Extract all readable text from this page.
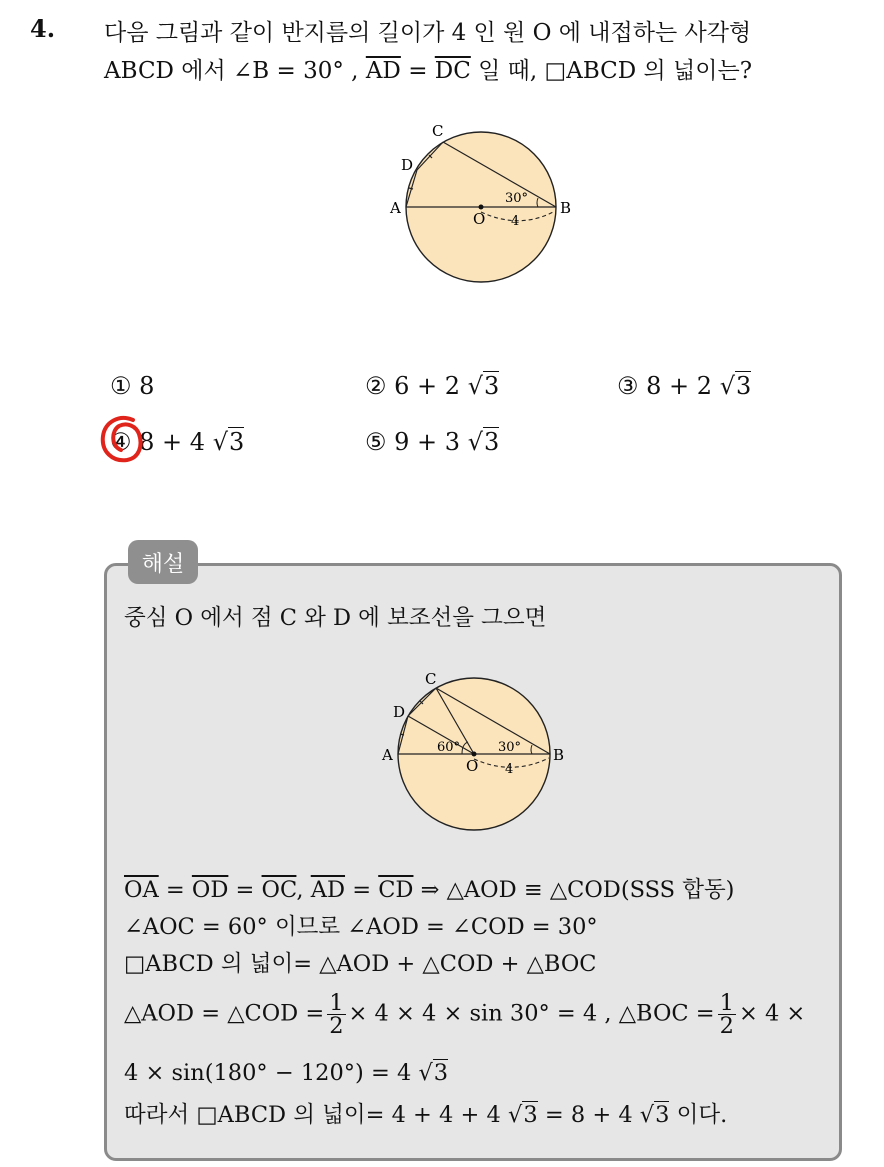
4. 다음 그림과 같이 반지름의 길이가 4 인 원 O 에 내접하는 사각형
ABCD 에서 ∠B = 30° , $\overline{AD} = \overline{DC}$ 일 때, □ABCD 의 넓이는?
A	B
C
D
O
30°
4
① 8	② 6 + 2 √3	③ 8 + 2 √3
④ 8 + 4 √3	⑤ 9 + 3 √3
해설
중심 O 에서 점 C 와 D 에 보조선을 그으면
A	B
C
D
O
60°	30°
4
$\overline{OA} = \overline{OD} = \overline{OC}$, $\overline{AD} = \overline{CD}$ ⇒ △AOD ≡ △COD(SSS 합동)
∠AOC = 60° 이므로 ∠AOD = ∠COD = 30°
□ABCD 의 넓이= △AOD + △COD + △BOC
△AOD = △COD = $\frac{1}{2} \times 4 \times 4 \times \sin 30^\circ = 4$ , △BOC = $\frac{1}{2} \times 4$ ×
4 × sin(180° − 120°) = 4 √3
따라서 □ABCD 의 넓이= 4 + 4 + 4 √3 = 8 + 4 √3 이다.
